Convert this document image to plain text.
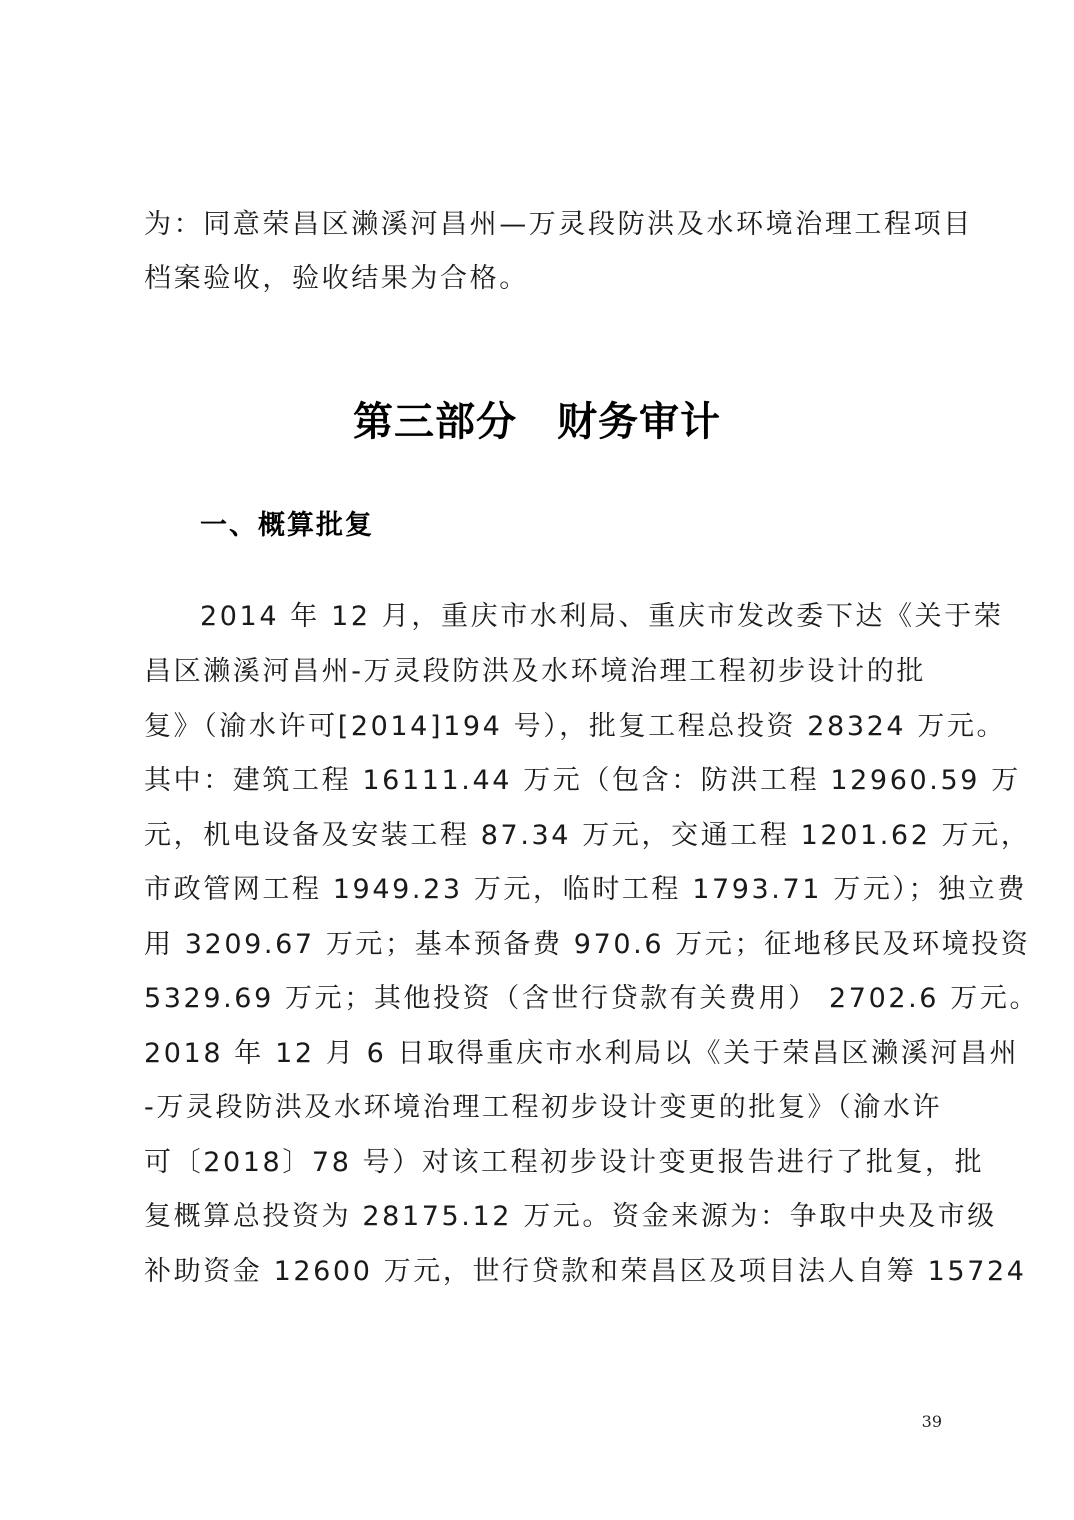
为：同意荣昌区濑溪河昌州—万灵段防洪及水环境治理工程项目
档案验收，验收结果为合格。
第三部分 财务审计
一、概算批复
2014 年 12 月，重庆市水利局、重庆市发改委下达《关于荣
昌区濑溪河昌州-万灵段防洪及水环境治理工程初步设计的批
复》（渝水许可[2014]194 号），批复工程总投资 28324 万元。
其中：建筑工程 16111.44 万元（包含：防洪工程 12960.59 万
元，机电设备及安装工程 87.34 万元，交通工程 1201.62 万元，
市政管网工程 1949.23 万元，临时工程 1793.71 万元）；独立费
用 3209.67 万元；基本预备费 970.6 万元；征地移民及环境投资
5329.69 万元；其他投资（含世行贷款有关费用） 2702.6 万元。
2018 年 12 月 6 日取得重庆市水利局以《关于荣昌区濑溪河昌州
-万灵段防洪及水环境治理工程初步设计变更的批复》（渝水许
可〔2018〕78 号）对该工程初步设计变更报告进行了批复，批
复概算总投资为 28175.12 万元。资金来源为：争取中央及市级
补助资金 12600 万元，世行贷款和荣昌区及项目法人自筹 15724
39
